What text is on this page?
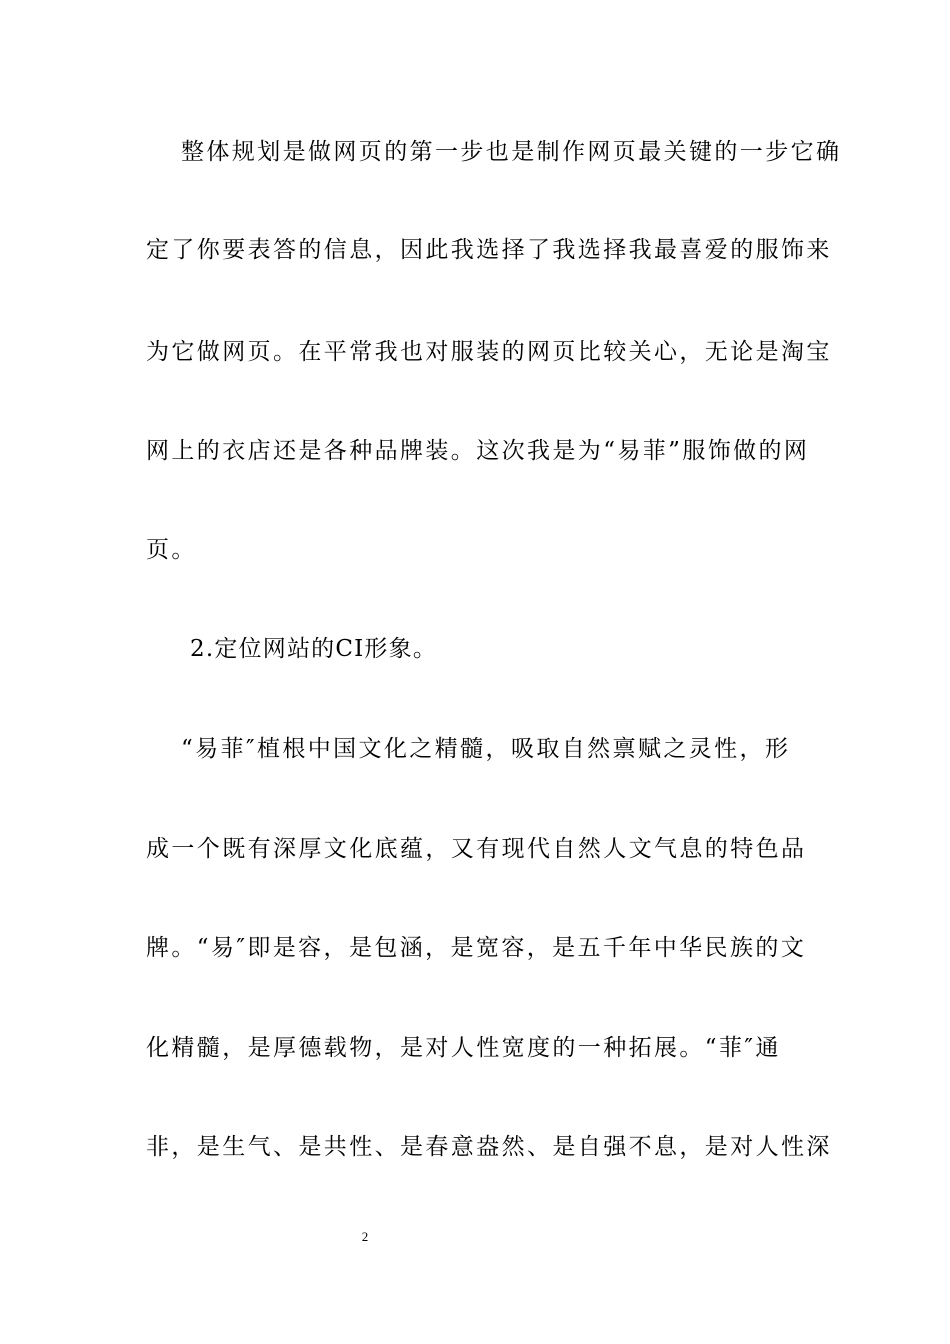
整体规划是做网页的第一步也是制作网页最关键的一步它确
定了你要表答的信息，因此我选择了我选择我最喜爱的服饰来
为它做网页。在平常我也对服装的网页比较关心，无论是淘宝
网上的衣店还是各种品牌装。这次我是为“易菲”服饰做的网
页。
2.定位网站的CI形象。
“易菲″植根中国文化之精髓，吸取自然禀赋之灵性，形
成一个既有深厚文化底蕴，又有现代自然人文气息的特色品
牌。“易″即是容，是包涵，是宽容，是五千年中华民族的文
化精髓，是厚德载物，是对人性宽度的一种拓展。“菲″通
非，是生气、是共性、是春意盎然、是自强不息，是对人性深
2
